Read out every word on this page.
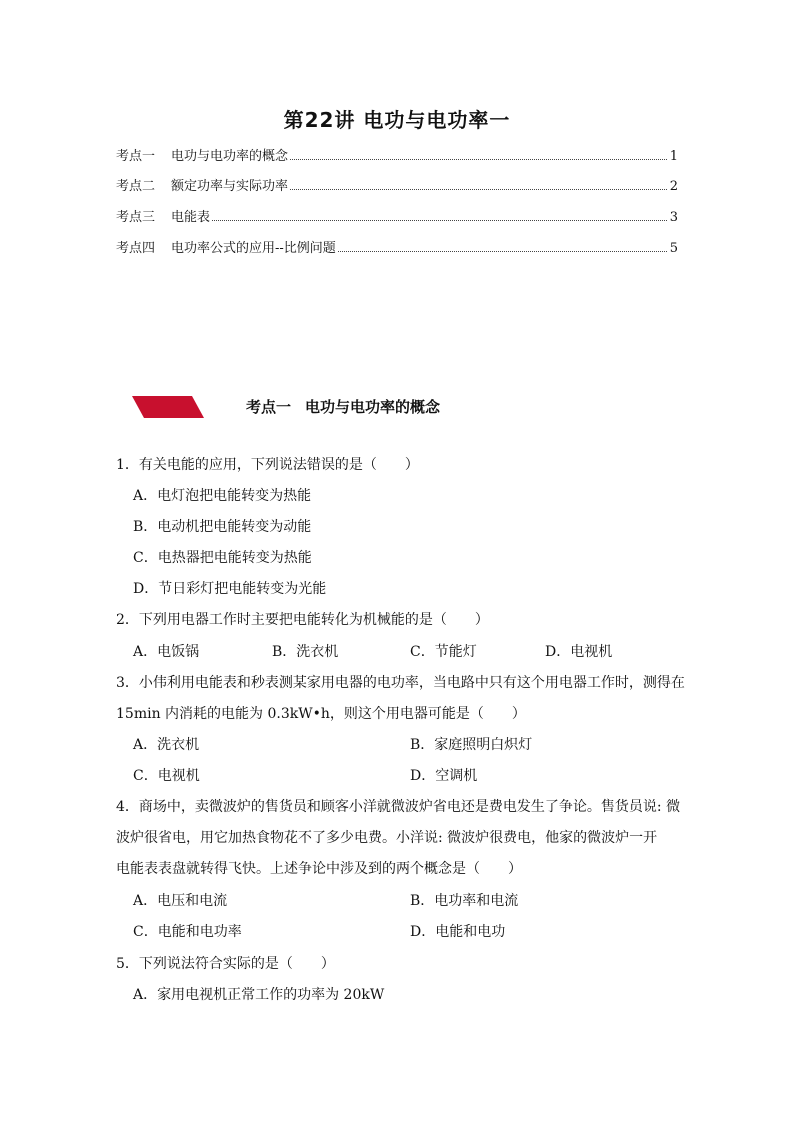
第22讲 电功与电功率一
考点一 电功与电功率的概念	1
考点二 额定功率与实际功率	2
考点三 电能表	3
考点四 电功率公式的应用--比例问题	5
考点一 电功与电功率的概念
1．有关电能的应用，下列说法错误的是（　　）
A．电灯泡把电能转变为热能
B．电动机把电能转变为动能
C．电热器把电能转变为热能
D．节日彩灯把电能转变为光能
2．下列用电器工作时主要把电能转化为机械能的是（　　）
A．电饭锅	B．洗衣机	C．节能灯	D．电视机
3．小伟利用电能表和秒表测某家用电器的电功率，当电路中只有这个用电器工作时，测得在
15min 内消耗的电能为 0.3kW•h，则这个用电器可能是（　　）
A．洗衣机	B．家庭照明白炽灯
C．电视机	D．空调机
4．商场中，卖微波炉的售货员和顾客小洋就微波炉省电还是费电发生了争论。售货员说: 微
波炉很省电，用它加热食物花不了多少电费。小洋说: 微波炉很费电，他家的微波炉一开
电能表表盘就转得飞快。上述争论中涉及到的两个概念是（　　）
A．电压和电流	B．电功率和电流
C．电能和电功率	D．电能和电功
5．下列说法符合实际的是（　　）
A．家用电视机正常工作的功率为 20kW
